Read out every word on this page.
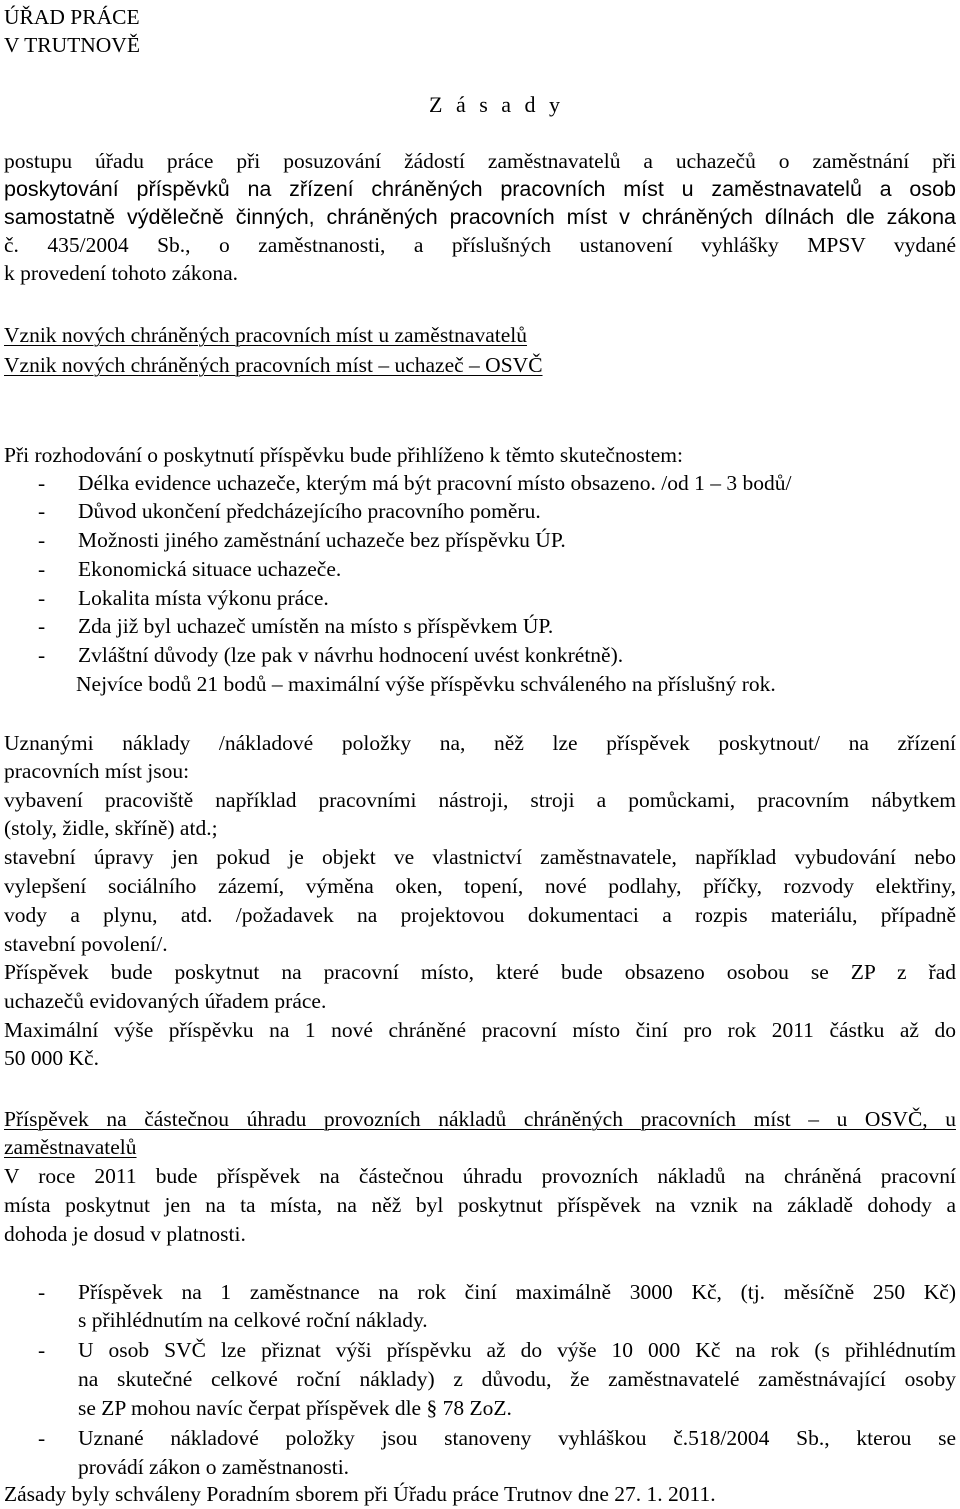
ÚŘAD PRÁCE
V TRUTNOVĚ
Z á s a d y
postupu úřadu práce při posuzování žádostí zaměstnavatelů a uchazečů o zaměstnání při
poskytování příspěvků na zřízení chráněných pracovních míst u zaměstnavatelů a osob
samostatně výdělečně činných, chráněných pracovních míst v chráněných dílnách dle zákona
č. 435/2004 Sb., o zaměstnanosti, a příslušných ustanovení vyhlášky MPSV vydané
k provedení tohoto zákona.
Vznik nových chráněných pracovních míst u zaměstnavatelů
Vznik nových chráněných pracovních míst – uchazeč – OSVČ
Při rozhodování o poskytnutí příspěvku bude přihlíženo k těmto skutečnostem:
- Délka evidence uchazeče, kterým má být pracovní místo obsazeno. /od 1 – 3 bodů/
- Důvod ukončení předcházejícího pracovního poměru.
- Možnosti jiného zaměstnání uchazeče bez příspěvku ÚP.
- Ekonomická situace uchazeče.
- Lokalita místa výkonu práce.
- Zda již byl uchazeč umístěn na místo s příspěvkem ÚP.
- Zvláštní důvody (lze pak v návrhu hodnocení uvést konkrétně).
Nejvíce bodů 21 bodů – maximální výše příspěvku schváleného na příslušný rok.
Uznanými náklady /nákladové položky na, něž lze příspěvek poskytnout/ na zřízení
pracovních míst jsou:
vybavení pracoviště například pracovními nástroji, stroji a pomůckami, pracovním nábytkem
(stoly, židle, skříně) atd.;
stavební úpravy jen pokud je objekt ve vlastnictví zaměstnavatele, například vybudování nebo
vylepšení sociálního zázemí, výměna oken, topení, nové podlahy, příčky, rozvody elektřiny,
vody a plynu, atd. /požadavek na projektovou dokumentaci a rozpis materiálu, případně
stavební povolení/.
Příspěvek bude poskytnut na pracovní místo, které bude obsazeno osobou se ZP z řad
uchazečů evidovaných úřadem práce.
Maximální výše příspěvku na 1 nové chráněné pracovní místo činí pro rok 2011 částku až do
50 000 Kč.
Příspěvek na částečnou úhradu provozních nákladů chráněných pracovních míst – u OSVČ, u
zaměstnavatelů
V roce 2011 bude příspěvek na částečnou úhradu provozních nákladů na chráněná pracovní
místa poskytnut jen na ta místa, na něž byl poskytnut příspěvek na vznik na základě dohody a
dohoda je dosud v platnosti.
- Příspěvek na 1 zaměstnance na rok činí maximálně 3000 Kč, (tj. měsíčně 250 Kč)
s přihlédnutím na celkové roční náklady.
- U osob SVČ lze přiznat výši příspěvku až do výše 10 000 Kč na rok (s přihlédnutím
na skutečné celkové roční náklady) z důvodu, že zaměstnavatelé zaměstnávající osoby
se ZP mohou navíc čerpat příspěvek dle § 78 ZoZ.
- Uznané nákladové položky jsou stanoveny vyhláškou č.518/2004 Sb., kterou se
provádí zákon o zaměstnanosti.
Zásady byly schváleny Poradním sborem při Úřadu práce Trutnov dne 27. 1. 2011.
